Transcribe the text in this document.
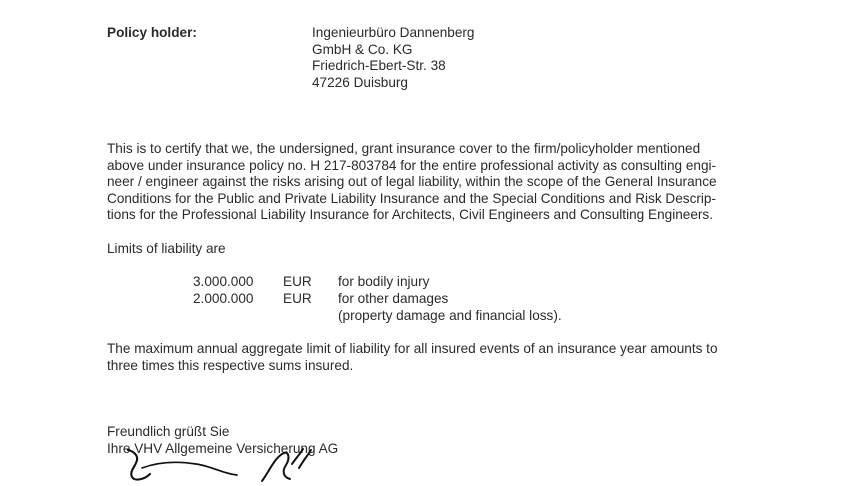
Policy holder:	Ingenieurbüro Dannenberg
GmbH & Co. KG
Friedrich-Ebert-Str. 38
47226 Duisburg
This is to certify that we, the undersigned, grant insurance cover to the firm/policyholder mentioned
above under insurance policy no. H 217-803784 for the entire professional activity as consulting engi-
neer / engineer against the risks arising out of legal liability, within the scope of the General Insurance
Conditions for the Public and Private Liability Insurance and the Special Conditions and Risk Descrip-
tions for the Professional Liability Insurance for Architects, Civil Engineers and Consulting Engineers.
Limits of liability are
3.000.000 EUR for bodily injury
2.000.000 EUR for other damages
(property damage and financial loss).
The maximum annual aggregate limit of liability for all insured events of an insurance year amounts to
three times this respective sums insured.
Freundlich grüßt Sie
Ihre VHV Allgemeine Versicherung AG
